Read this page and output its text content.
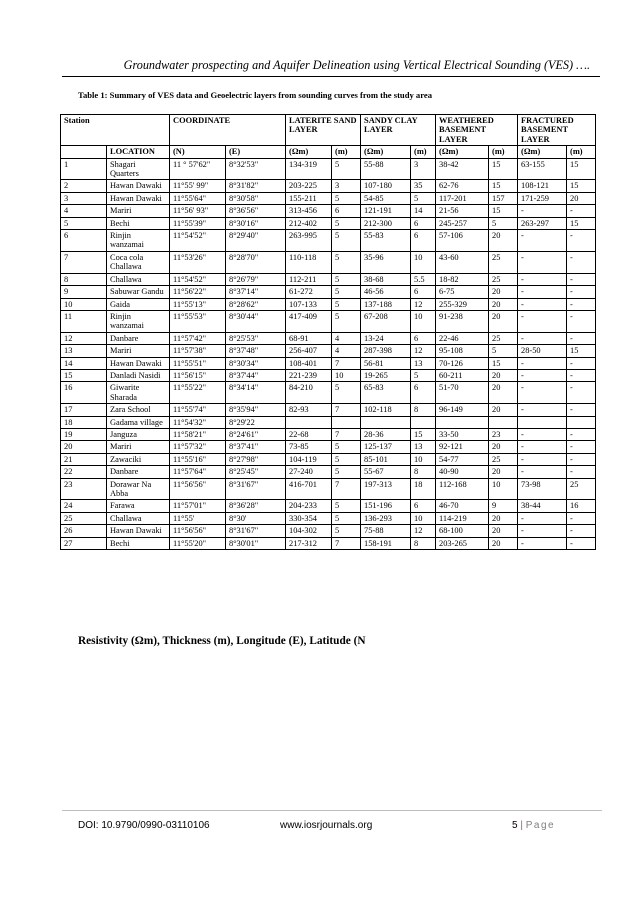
Groundwater prospecting and Aquifer Delineation using Vertical Electrical Sounding (VES) ….
Table 1: Summary of VES data and Geoelectric layers from sounding curves from the study area
Station		COORDINATE		LATERITE SAND LAYER		SANDY CLAY LAYER		WEATHERED BASEMENT LAYER		FRACTURED BASEMENT LAYER	
	LOCATION	(N)	(E)	(Ωm)	(m)	(Ωm)	(m)	(Ωm)	(m)	(Ωm)	(m)
1	Shagari Quarters	11 ° 57'62"	8°32'53"	134-319	5	55-88	3	38-42	15	63-155	15
2	Hawan Dawaki	11°55' 99"	8°31'82"	203-225	3	107-180	35	62-76	15	108-121	15
3	Hawan Dawaki	11°55'64"	8°30'58"	155-211	5	54-85	5	117-201	157	171-259	20
4	Mariri	11°56' 93"	8°36'56"	313-456	6	121-191	14	21-56	15	-	-
5	Bechi	11°55'39"	8°30'16"	212-402	5	212-300	6	245-257	5	263-297	15
6	Rinjin wanzamai	11°54'52"	8°29'40"	263-995	5	55-83	6	57-106	20	-	-
7	Coca cola Challawa	11°53'26"	8°28'70"	110-118	5	35-96	10	43-60	25	-	-
8	Challawa	11°54'52"	8°26'79"	112-211	5	38-68	5.5	18-82	25	-	-
9	Sabuwar Gandu	11°56'22"	8°37'14"	61-272	5	46-56	6	6-75	20	-	-
10	Gaida	11°55'13"	8°28'62"	107-133	5	137-188	12	255-329	20	-	-
11	Rinjin wanzamai	11°55'53"	8°30'44"	417-409	5	67-208	10	91-238	20	-	-
12	Danbare	11°57'42"	8°25'53"	68-91	4	13-24	6	22-46	25	-	-
13	Mariri	11°57'38"	8°37'48"	256-407	4	287-398	12	95-108	5	28-50	15
14	Hawan Dawaki	11°55'51"	8°30'34"	108-401	7	56-81	13	70-126	15	-	-
15	Danladi Nasidi	11°56'15"	8°37'44"	221-239	10	19-265	5	60-211	20	-	-
16	Giwarite Sharada	11°55'22"	8°34'14"	84-210	5	65-83	6	51-70	20	-	-
17	Zara School	11°55'74"	8°35'94"	82-93	7	102-118	8	96-149	20	-	-
18	Gadama village	11°54'32"	8°29'22								
19	Janguza	11°58'21"	8°24'61"	22-68	7	28-36	15	33-50	23	-	-
20	Mariri	11°57'32"	8°37'41"	73-85	5	125-137	13	92-121	20	-	-
21	Zawaciki	11°55'16"	8°27'98"	104-119	5	85-101	10	54-77	25	-	-
22	Danbare	11°57'64"	8°25'45"	27-240	5	55-67	8	40-90	20	-	-
23	Dorawar Na Abba	11°56'56"	8°31'67"	416-701	7	197-313	18	112-168	10	73-98	25
24	Farawa	11°57'01"	8°36'28"	204-233	5	151-196	6	46-70	9	38-44	16
25	Challawa	11°55'	8°30'	330-354	5	136-293	10	114-219	20	-	-
26	Hawan Dawaki	11°56'56"	8°31'67"	104-302	5	75-88	12	68-100	20	-	-
27	Bechi	11°55'20"	8°30'01"	217-312	7	158-191	8	203-265	20	-	-
Resistivity (Ωm), Thickness (m), Longitude (E), Latitude (N
DOI: 10.9790/0990-03110106	www.iosrjournals.org	5 | Page
